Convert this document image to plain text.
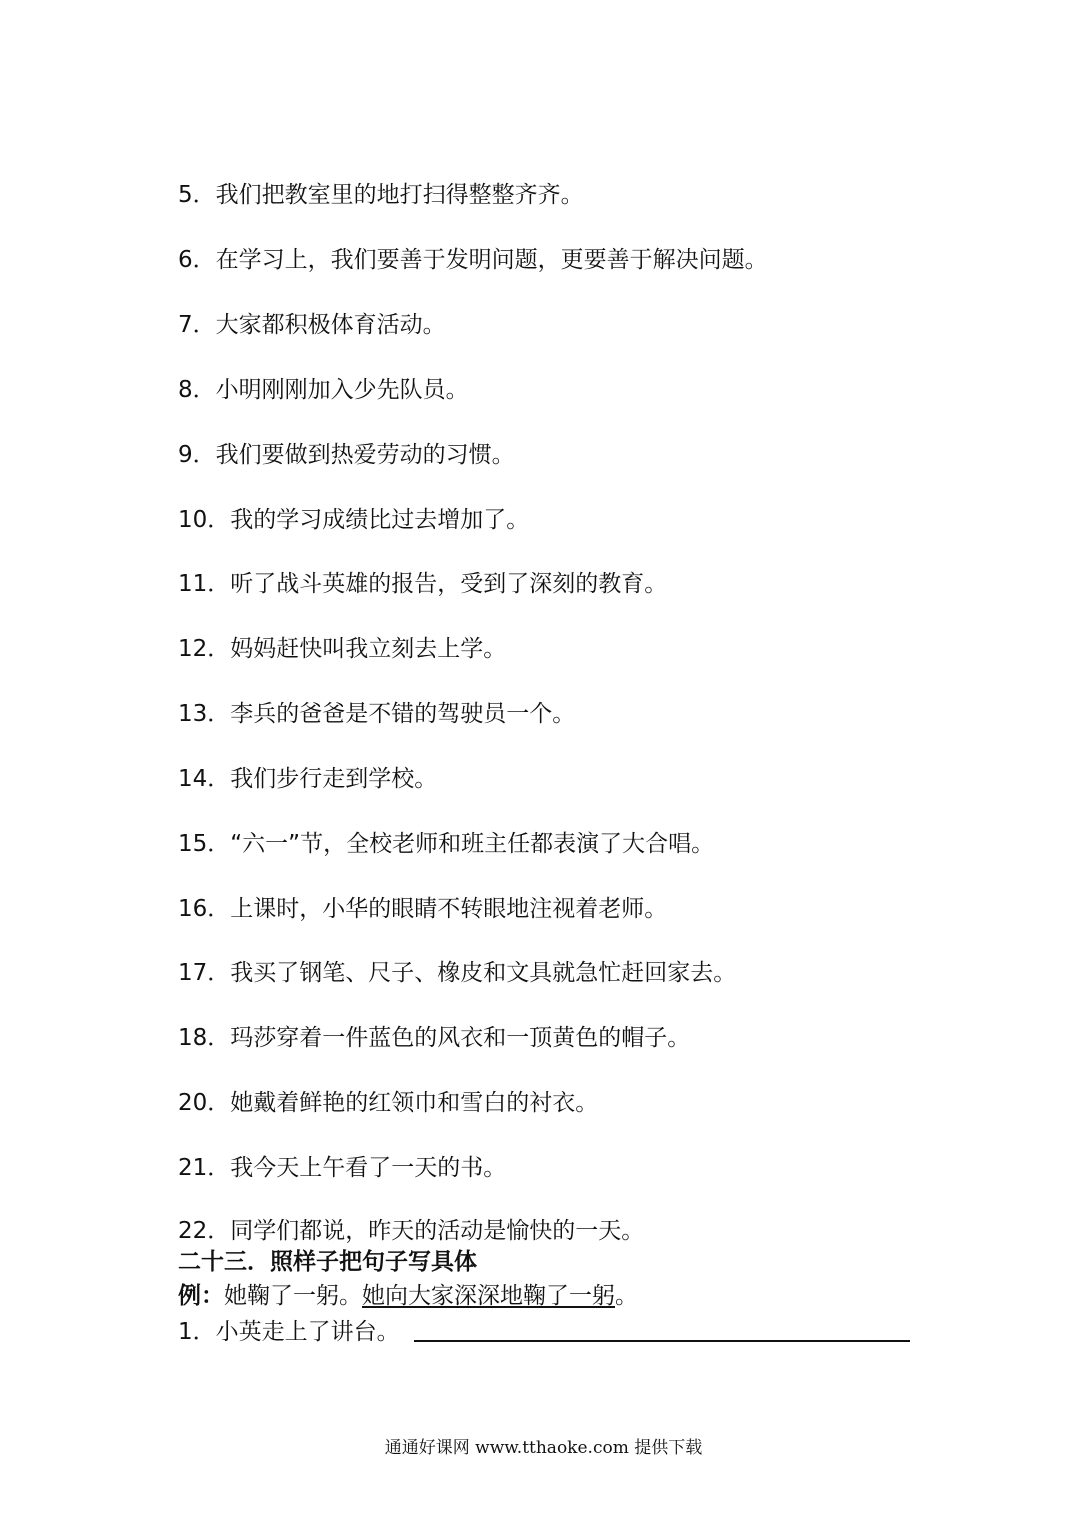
5．我们把教室里的地打扫得整整齐齐。
6．在学习上，我们要善于发明问题，更要善于解决问题。
7．大家都积极体育活动。
8．小明刚刚加入少先队员。
9．我们要做到热爱劳动的习惯。
10．我的学习成绩比过去增加了。
11．听了战斗英雄的报告，受到了深刻的教育。
12．妈妈赶快叫我立刻去上学。
13．李兵的爸爸是不错的驾驶员一个。
14．我们步行走到学校。
15．“六一”节，全校老师和班主任都表演了大合唱。
16．上课时，小华的眼睛不转眼地注视着老师。
17．我买了钢笔、尺子、橡皮和文具就急忙赶回家去。
18．玛莎穿着一件蓝色的风衣和一顶黄色的帽子。
20．她戴着鲜艳的红领巾和雪白的衬衣。
21．我今天上午看了一天的书。
22．同学们都说，昨天的活动是愉快的一天。
二十三．照样子把句子写具体
例：她鞠了一躬。她向大家深深地鞠了一躬。
1．小英走上了讲台。
通通好课网 www.tthaoke.com 提供下载
